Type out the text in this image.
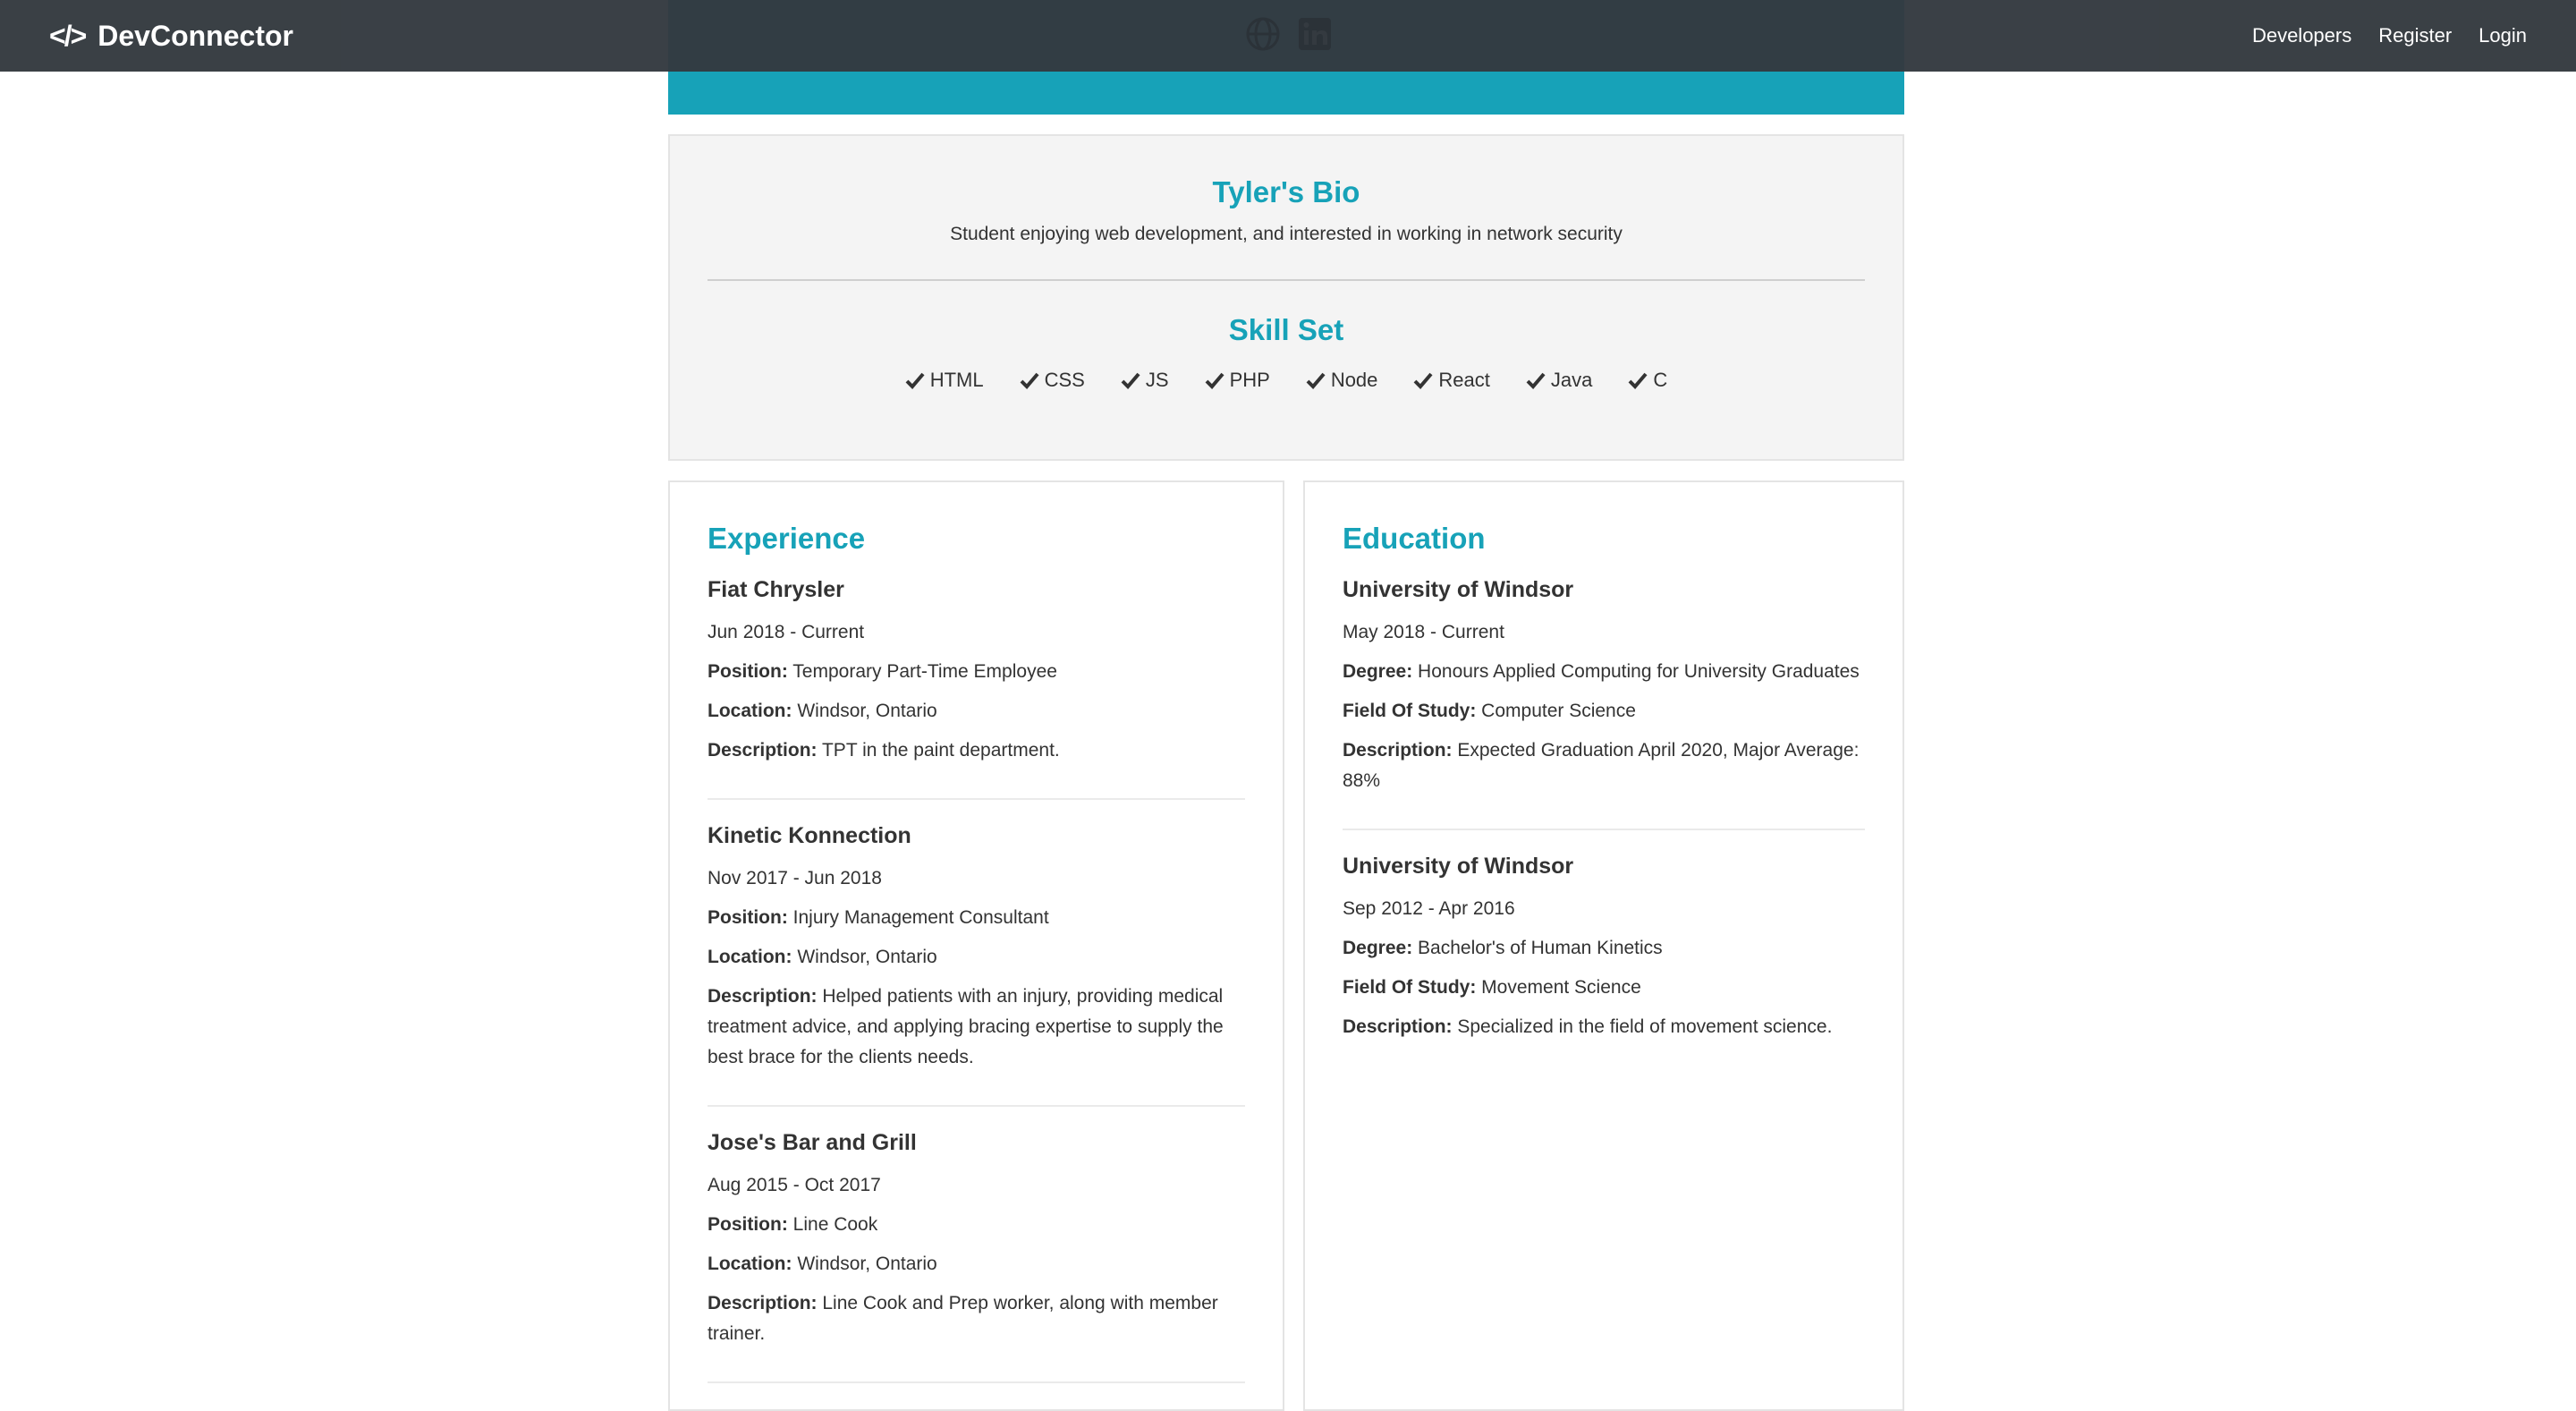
</> DevConnector	Developers Register Login
Tyler's Bio

Student enjoying web development, and interested in working in network security

Skill Set
HTML	CSS	JS	PHP	Node	React	Java	C
Experience
Fiat Chrysler

Jun 2018 - Current

Position: Temporary Part-Time Employee

Location: Windsor, Ontario

Description: TPT in the paint department.

Kinetic Konnection

Nov 2017 - Jun 2018

Position: Injury Management Consultant

Location: Windsor, Ontario

Description: Helped patients with an injury, providing medical treatment advice, and applying bracing expertise to supply the best brace for the clients needs.

Jose's Bar and Grill

Aug 2015 - Oct 2017

Position: Line Cook

Location: Windsor, Ontario

Description: Line Cook and Prep worker, along with member trainer.

Education
University of Windsor

May 2018 - Current

Degree: Honours Applied Computing for University Graduates

Field Of Study: Computer Science

Description: Expected Graduation April 2020, Major Average: 88%

University of Windsor

Sep 2012 - Apr 2016

Degree: Bachelor's of Human Kinetics

Field Of Study: Movement Science

Description: Specialized in the field of movement science.
